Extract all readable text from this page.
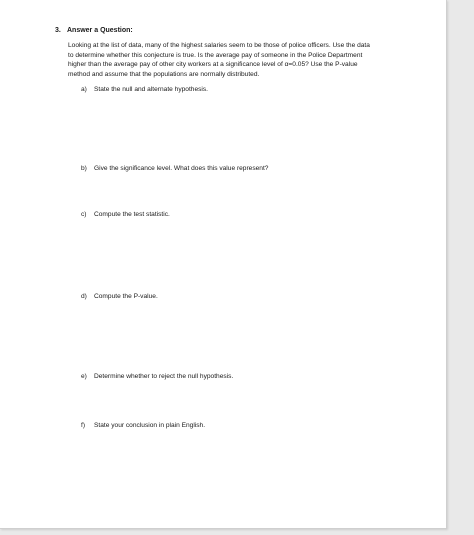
3. Answer a Question:
Looking at the list of data, many of the highest salaries seem to be those of police officers. Use the data
to determine whether this conjecture is true. Is the average pay of someone in the Police Department
higher than the average pay of other city workers at a significance level of α=0.05? Use the P-value
method and assume that the populations are normally distributed.
a) State the null and alternate hypothesis.
b) Give the significance level. What does this value represent?
c) Compute the test statistic.
d) Compute the P-value.
e) Determine whether to reject the null hypothesis.
f) State your conclusion in plain English.
